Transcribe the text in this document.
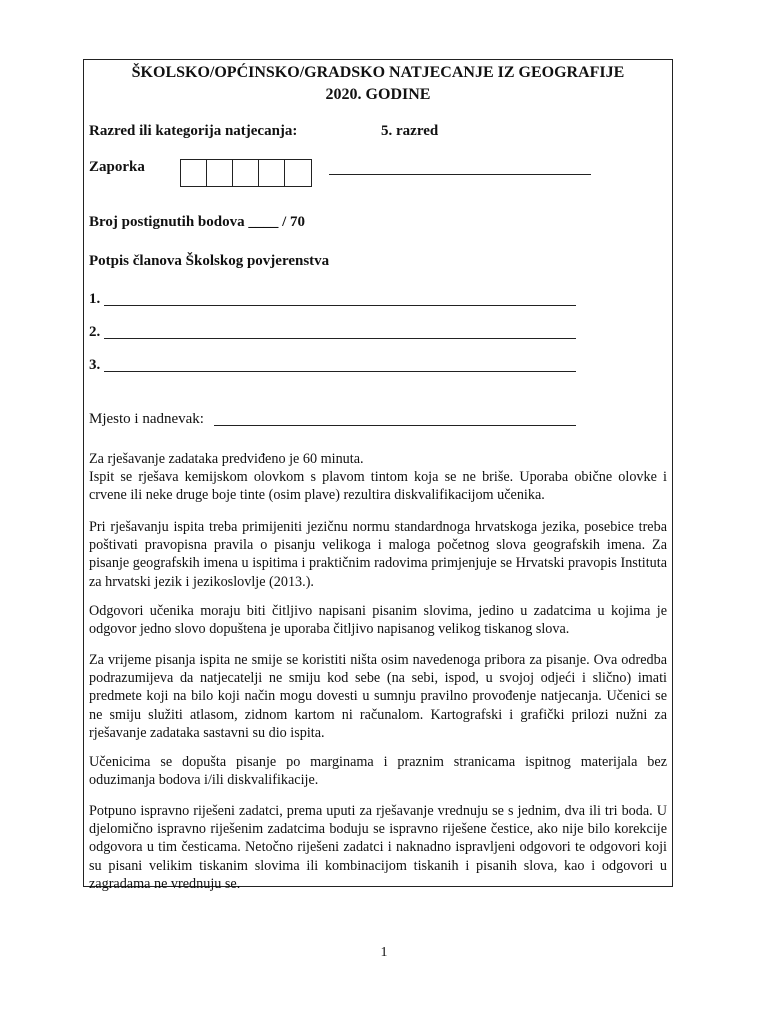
ŠKOLSKO/OPĆINSKO/GRADSKO NATJECANJE IZ GEOGRAFIJE
2020. GODINE
Razred ili kategorija natjecanja:	5. razred
Zaporka
Broj postignutih bodova ____ / 70
Potpis članova Školskog povjerenstva
1.
2.
3.
Mjesto i nadnevak:
Za rješavanje zadataka predviđeno je 60 minuta.
Ispit se rješava kemijskom olovkom s plavom tintom koja se ne briše. Uporaba obične olovke i crvene ili neke druge boje tinte (osim plave) rezultira diskvalifikacijom učenika.
Pri rješavanju ispita treba primijeniti jezičnu normu standardnoga hrvatskoga jezika, posebice treba poštivati pravopisna pravila o pisanju velikoga i maloga početnog slova geografskih imena. Za pisanje geografskih imena u ispitima i praktičnim radovima primjenjuje se Hrvatski pravopis Instituta za hrvatski jezik i jezikoslovlje (2013.).
Odgovori učenika moraju biti čitljivo napisani pisanim slovima, jedino u zadatcima u kojima je odgovor jedno slovo dopuštena je uporaba čitljivo napisanog velikog tiskanog slova.
Za vrijeme pisanja ispita ne smije se koristiti ništa osim navedenoga pribora za pisanje. Ova odredba podrazumijeva da natjecatelji ne smiju kod sebe (na sebi, ispod, u svojoj odjeći i slično) imati predmete koji na bilo koji način mogu dovesti u sumnju pravilno provođenje natjecanja. Učenici se ne smiju služiti atlasom, zidnom kartom ni računalom. Kartografski i grafički prilozi nužni za rješavanje zadataka sastavni su dio ispita.
Učenicima se dopušta pisanje po marginama i praznim stranicama ispitnog materijala bez oduzimanja bodova i/ili diskvalifikacije.
Potpuno ispravno riješeni zadatci, prema uputi za rješavanje vrednuju se s jednim, dva ili tri boda. U djelomično ispravno riješenim zadatcima boduju se ispravno riješene čestice, ako nije bilo korekcije odgovora u tim česticama. Netočno riješeni zadatci i naknadno ispravljeni odgovori te odgovori koji su pisani velikim tiskanim slovima ili kombinacijom tiskanih i pisanih slova, kao i odgovori u zagradama ne vrednuju se.
1
